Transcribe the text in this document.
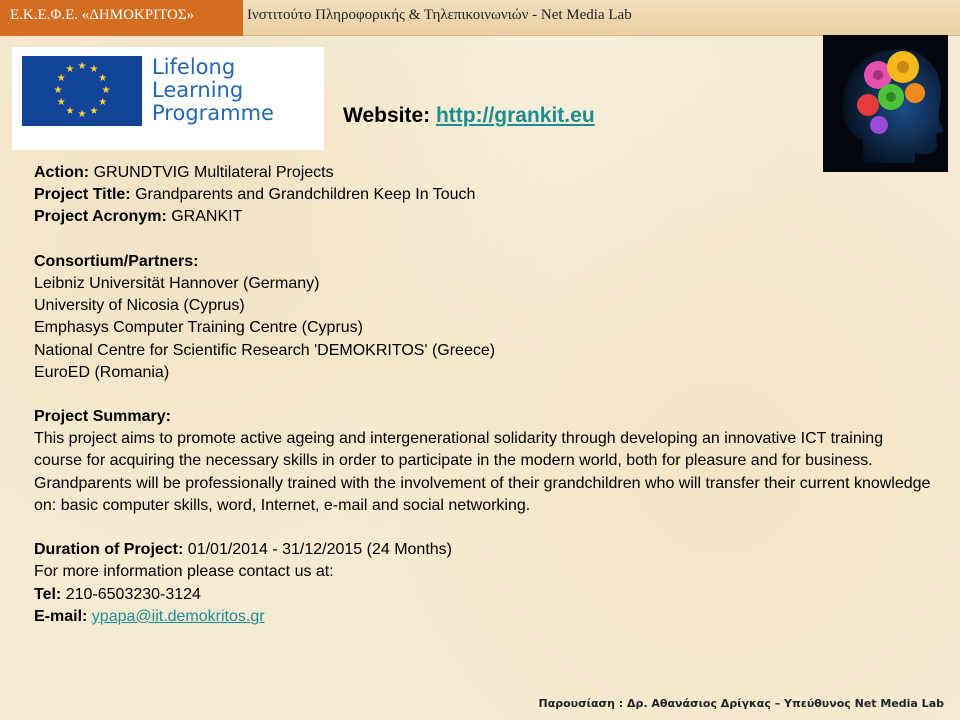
Ε.Κ.Ε.Φ.Ε. «ΔΗΜΟΚΡΙΤΟΣ»	Ινστιτούτο Πληροφορικής & Τηλεπικοινωνιών - Net Media Lab
★ ★
★
★
★
★
★
★
★
★
★
★	Lifelong
Learning
Programme	Website: http://grankit.eu
Action: GRUNDTVIG Multilateral Projects
Project Title: Grandparents and Grandchildren Keep In Touch
Project Acronym: GRANKIT
Consortium/Partners:
Leibniz Universität Hannover (Germany)
University of Nicosia (Cyprus)
Emphasys Computer Training Centre (Cyprus)
National Centre for Scientific Research 'DEMOKRITOS' (Greece)
EuroED (Romania)
Project Summary:
This project aims to promote active ageing and intergenerational solidarity through developing an innovative ICT training course for acquiring the necessary skills in order to participate in the modern world, both for pleasure and for business. Grandparents will be professionally trained with the involvement of their grandchildren who will transfer their current knowledge on: basic computer skills, word, Internet, e-mail and social networking.
Duration of Project: 01/01/2014 - 31/12/2015 (24 Months)
For more information please contact us at:
Tel: 210-6503230-3124
E-mail: ypapa@iit.demokritos.gr
Παρουσίαση : Δρ. Αθανάσιος Δρίγκας – Υπεύθυνος Net Media Lab
